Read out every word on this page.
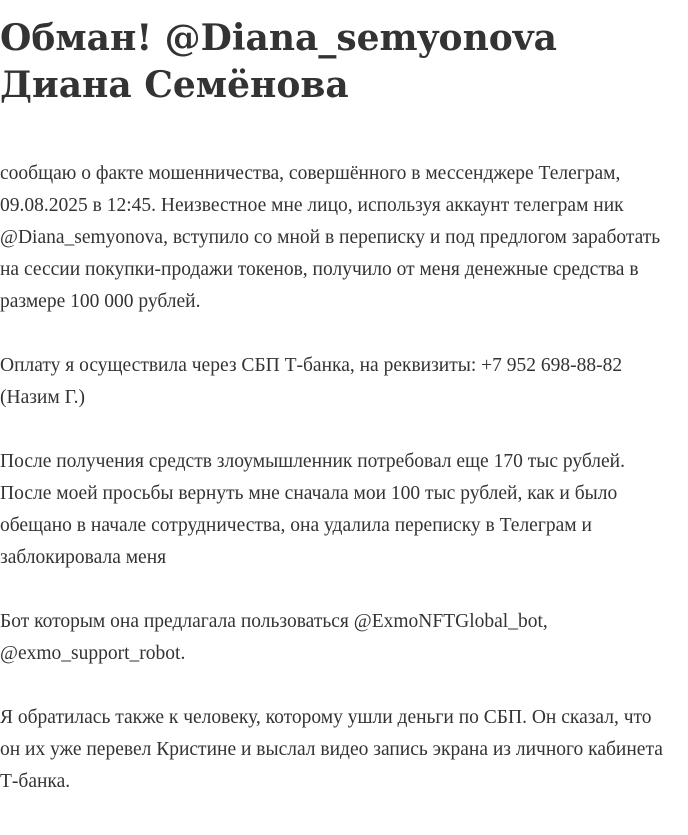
Обман! @Diana_semyonova Диана Семёнова

сообщаю о факте мошенничества, совершённого в мессенджере Телеграм, 09.08.2025 в 12:45. Неизвестное мне лицо, используя аккаунт телеграм ник @Diana_semyonova, вступило со мной в переписку и под предлогом заработать на сессии покупки-продажи токенов, получило от меня денежные средства в размере 100 000 рублей.

Оплату я осуществила через СБП Т-банка, на реквизиты: +7 952 698-88-82 (Назим Г.)

После получения средств злоумышленник потребовал еще 170 тыс рублей. После моей просьбы вернуть мне сначала мои 100 тыс рублей, как и было обещано в начале сотрудничества, она удалила переписку в Телеграм и заблокировала меня

Бот которым она предлагала пользоваться @ExmoNFTGlobal_bot, @exmo_support_robot.

Я обратилась также к человеку, которому ушли деньги по СБП. Он сказал, что он их уже перевел Кристине и выслал видео запись экрана из личного кабинета Т-банка.
